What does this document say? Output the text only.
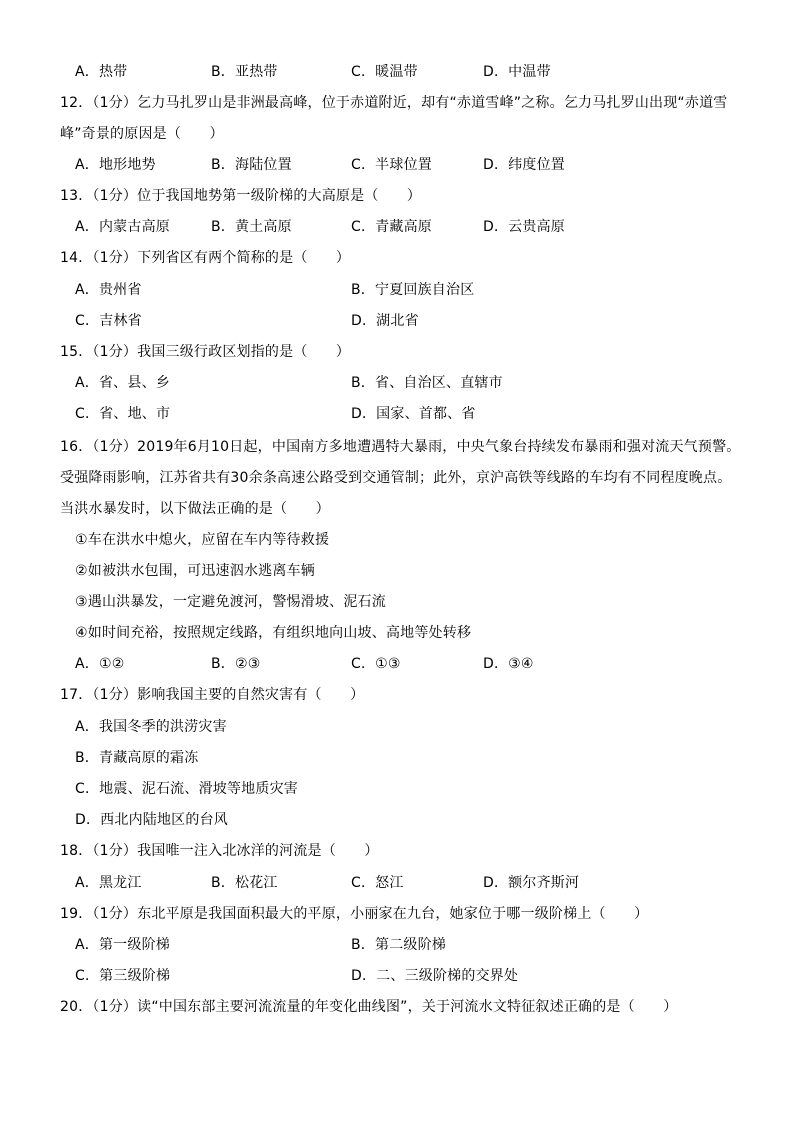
A．热带	B．亚热带	C．暖温带	D．中温带
12．（1分）乞力马扎罗山是非洲最高峰，位于赤道附近，却有“赤道雪峰”之称。乞力马扎罗山出现“赤道雪峰”奇景的原因是（　　）
A．地形地势	B．海陆位置	C．半球位置	D．纬度位置
13．（1分）位于我国地势第一级阶梯的大高原是（　　）
A．内蒙古高原	B．黄土高原	C．青藏高原	D．云贵高原
14．（1分）下列省区有两个简称的是（　　）
A．贵州省	B．宁夏回族自治区
C．吉林省	D．湖北省
15．（1分）我国三级行政区划指的是（　　）
A．省、县、乡	B．省、自治区、直辖市
C．省、地、市	D．国家、首都、省
16．（1分）2019年6月10日起，中国南方多地遭遇特大暴雨，中央气象台持续发布暴雨和强对流天气预警。受强降雨影响，江苏省共有30余条高速公路受到交通管制；此外，京沪高铁等线路的车均有不同程度晚点。当洪水暴发时，以下做法正确的是（　　）
①车在洪水中熄火，应留在车内等待救援
②如被洪水包围，可迅速泅水逃离车辆
③遇山洪暴发，一定避免渡河，警惕滑坡、泥石流
④如时间充裕，按照规定线路，有组织地向山坡、高地等处转移
A．①②	B．②③	C．①③	D．③④
17．（1分）影响我国主要的自然灾害有（　　）
A．我国冬季的洪涝灾害
B．青藏高原的霜冻
C．地震、泥石流、滑坡等地质灾害
D．西北内陆地区的台风
18．（1分）我国唯一注入北冰洋的河流是（　　）
A．黑龙江	B．松花江	C．怒江	D．额尔齐斯河
19．（1分）东北平原是我国面积最大的平原，小丽家在九台，她家位于哪一级阶梯上（　　）
A．第一级阶梯	B．第二级阶梯
C．第三级阶梯	D．二、三级阶梯的交界处
20．（1分）读“中国东部主要河流流量的年变化曲线图”，关于河流水文特征叙述正确的是（　　）
